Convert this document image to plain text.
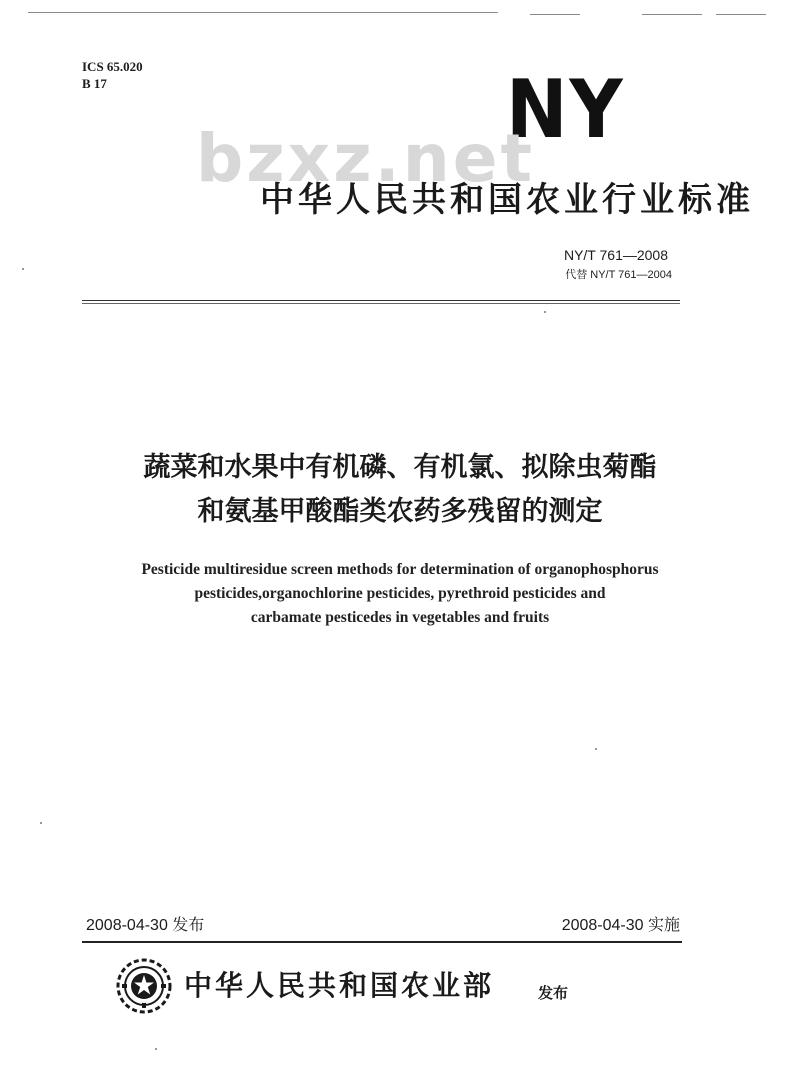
ICS 65.020
B 17	NY
bzxz.net
中华人民共和国农业行业标准
NY/T 761—2008
代替 NY/T 761—2004
蔬菜和水果中有机磷、有机氯、拟除虫菊酯
和氨基甲酸酯类农药多残留的测定
Pesticide multiresidue screen methods for determination of organophosphorus
pesticides,organochlorine pesticides, pyrethroid pesticides and
carbamate pesticedes in vegetables and fruits
2008-04-30 发布	2008-04-30 实施
中华人民共和国农业部	发布
